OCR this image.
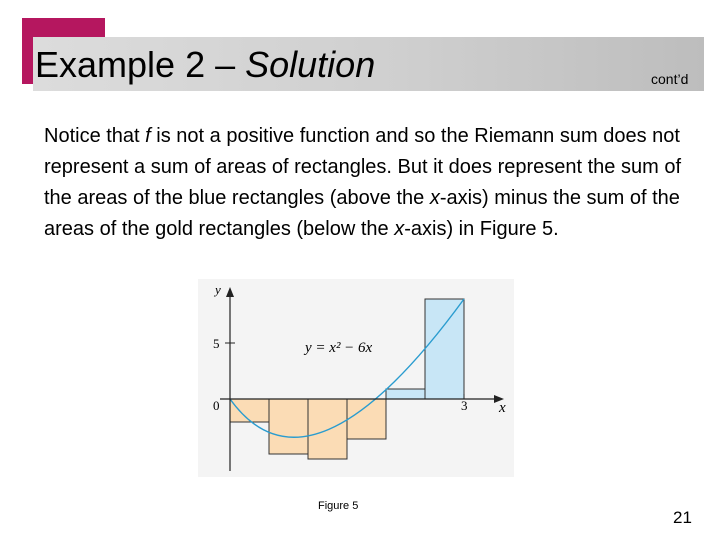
Example 2 – Solution	cont’d
Notice that f is not a positive function and so the Riemann sum does not represent a sum of areas of rectangles. But it does represent the sum of the areas of the blue rectangles (above the x-axis) minus the sum of the areas of the gold rectangles (below the x-axis) in Figure 5.
y
x
5
0	3
y = x² − 6x
Figure 5
21
